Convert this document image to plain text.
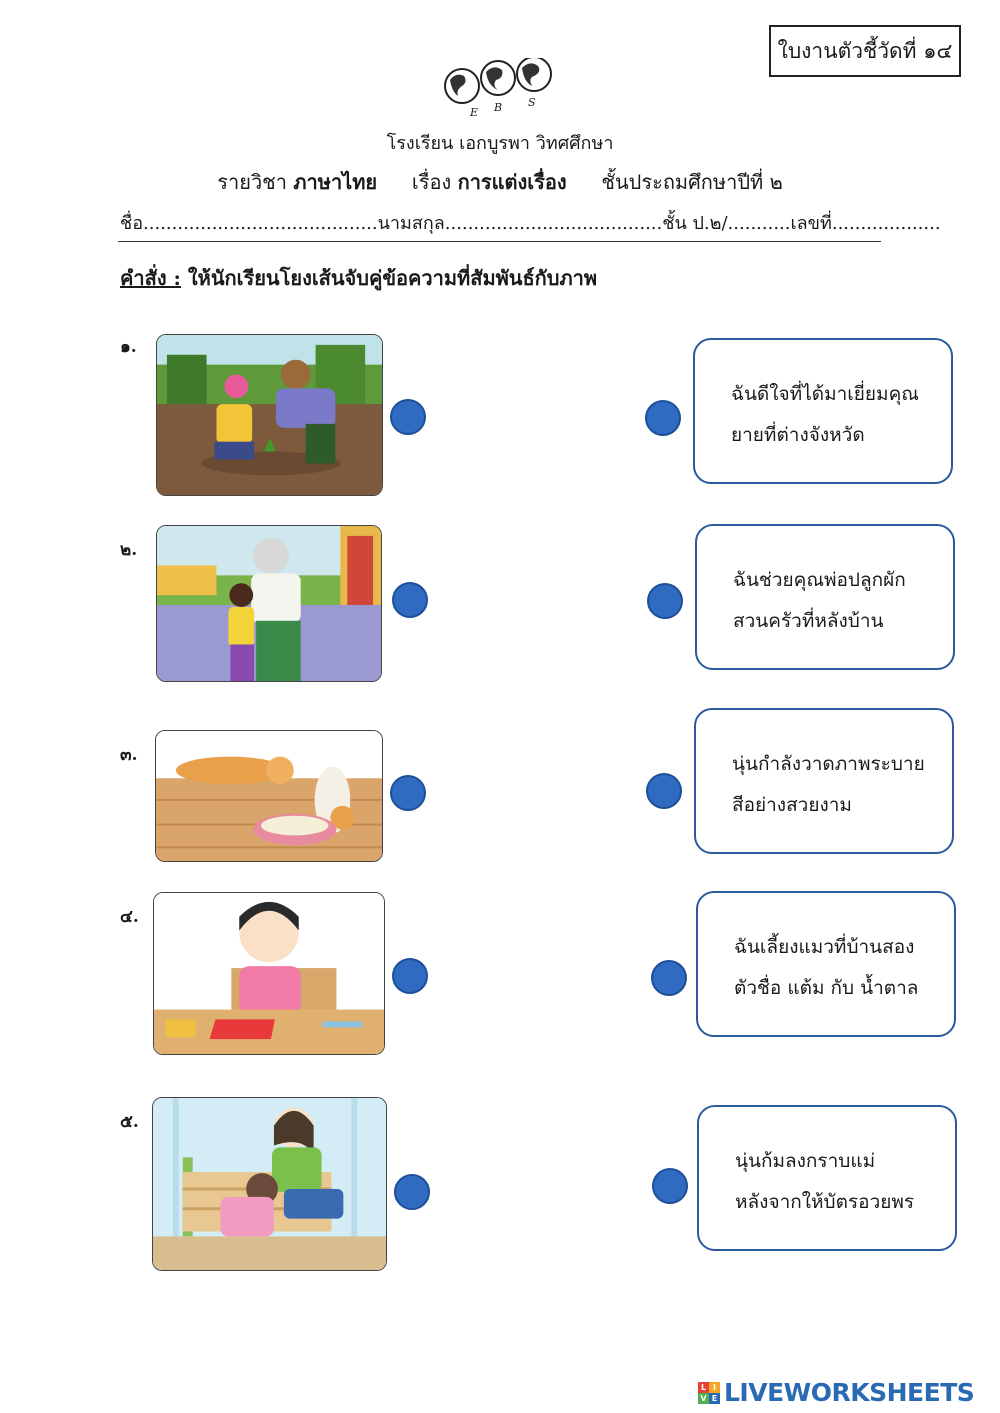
ใบงานตัวชี้วัดที่ ๑๔
E B S
โรงเรียน เอกบูรพา วิทศศึกษา
รายวิชา ภาษาไทย เรื่อง การแต่งเรื่อง ชั้นประถมศึกษาปีที่ ๒
ชื่อ.........................................นามสกุล......................................ชั้น ป.๒/...........เลขที่...................
คำสั่ง : ให้นักเรียนโยงเส้นจับคู่ข้อความที่สัมพันธ์กับภาพ
๑.
๒.
๓.
๔.
๕.
ฉันดีใจที่ได้มาเยี่ยมคุณ
ยายที่ต่างจังหวัด
ฉันช่วยคุณพ่อปลูกผัก
สวนครัวที่หลังบ้าน
นุ่นกำลังวาดภาพระบาย
สีอย่างสวยงาม
ฉันเลี้ยงแมวที่บ้านสอง
ตัวชื่อ แต้ม กับ น้ำตาล
นุ่นก้มลงกราบแม่
หลังจากให้บัตรอวยพร
L I
V E LIVEWORKSHEETS
